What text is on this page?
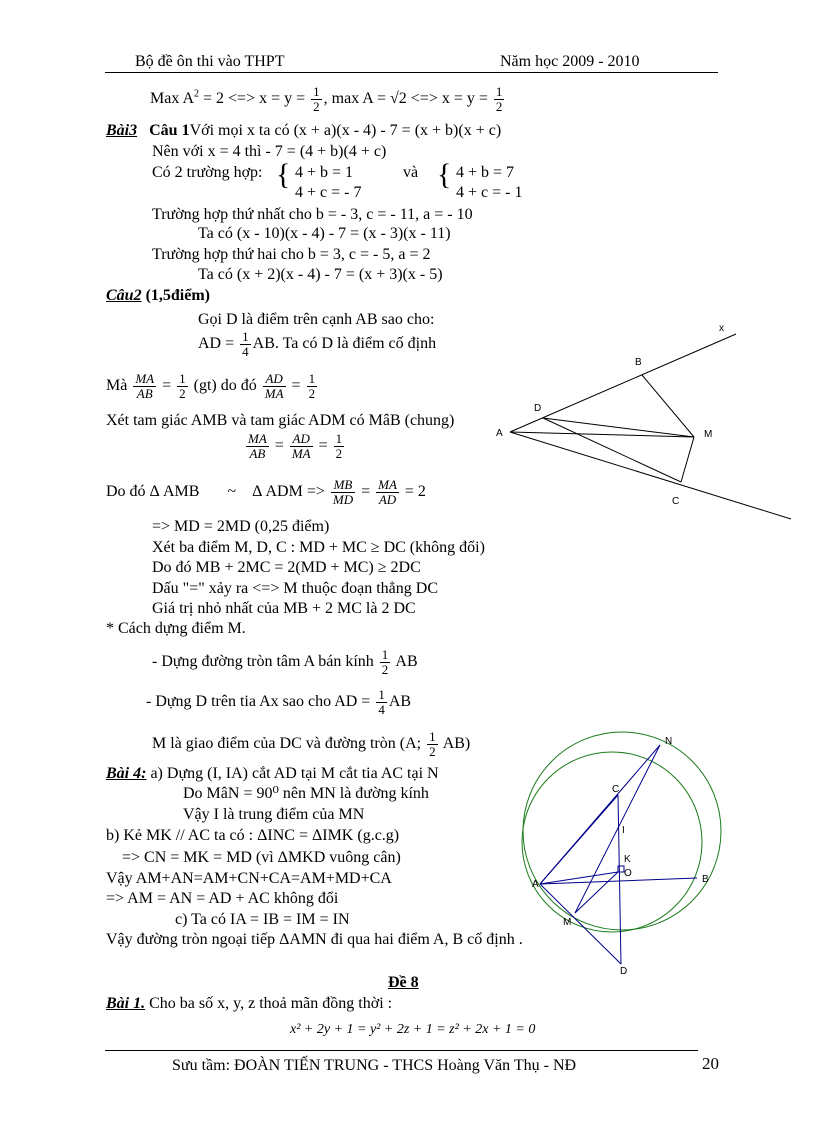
Bộ đề ôn thi vào THPT	Năm học 2009 - 2010
Max $A^2 = 2$ <=> $x = y = \frac{1}{2}$ , max A = √2 <=> $x = y = \frac{1}{2}$
Bài3 Câu 1Với mọi x ta có (x + a)(x - 4) - 7 = (x + b)(x + c)
Nên với x = 4 thì - 7 = (4 + b)(4 + c)
Có 2 trường hợp: { 4 + b = 1
4 + c = - 7
và { 4 + b = 7
4 + c = - 1
Trường hợp thứ nhất cho b = - 3, c = - 11, a = - 10
Ta có (x - 10)(x - 4) - 7 = (x - 3)(x - 11)
Trường hợp thứ hai cho b = 3, c = - 5, a = 2
Ta có (x + 2)(x - 4) - 7 = (x + 3)(x - 5)
Câu2 (1,5điểm)
Gọi D là điểm trên cạnh AB sao cho:
AD = $\frac{1}{4}$ AB. Ta có D là điểm cố định
Mà $\frac{MA}{AB} = \frac{1}{2} (gt)$ do đó $\frac{AD}{MA} = \frac{1}{2}$
Xét tam giác AMB và tam giác ADM có MâB (chung)
$\frac{MA}{AB} = \frac{AD}{MA} = \frac{1}{2}$
Do đó Δ AMB ~ Δ ADM => $\frac{MB}{MD} = \frac{MA}{AD} = 2$
=> MD = 2MD (0,25 điểm)
Xét ba điểm M, D, C : MD + MC ≥ DC (không đổi)
Do đó MB + 2MC = 2(MD + MC) ≥ 2DC
Dấu "=" xảy ra <=> M thuộc đoạn thẳng DC
Giá trị nhỏ nhất của MB + 2 MC là 2 DC
* Cách dựng điểm M.
- Dựng đường tròn tâm A bán kính $\frac{1}{2}$ AB
- Dựng D trên tia Ax sao cho AD = $\frac{1}{4}$ AB
M là giao điểm của DC và đường tròn (A; $\frac{1}{2} AB$)
Bài 4: a) Dựng (I, IA) cắt AD tại M cắt tia AC tại N
Do MâN = 90⁰ nên MN là đường kính
Vậy I là trung điểm của MN
b) Kẻ MK // AC ta có : ΔINC = ΔIMK (g.c.g)
=> CN = MK = MD (vì ΔMKD vuông cân)
Vậy AM+AN=AM+CN+CA=AM+MD+CA
=> AM = AN = AD + AC không đổi
c) Ta có IA = IB = IM = IN
Vậy đường tròn ngoại tiếp ΔAMN đi qua hai điểm A, B cố định .
Đề 8
Bài 1. Cho ba số x, y, z thoả mãn đồng thời :
x² + 2y + 1 = y² + 2z + 1 = z² + 2x + 1 = 0
Sưu tầm: ĐOÀN TIẾN TRUNG - THCS Hoàng Văn Thụ - NĐ	20
A
B
C
D
M
x
A	B
C
D
M
N
I
K
O
